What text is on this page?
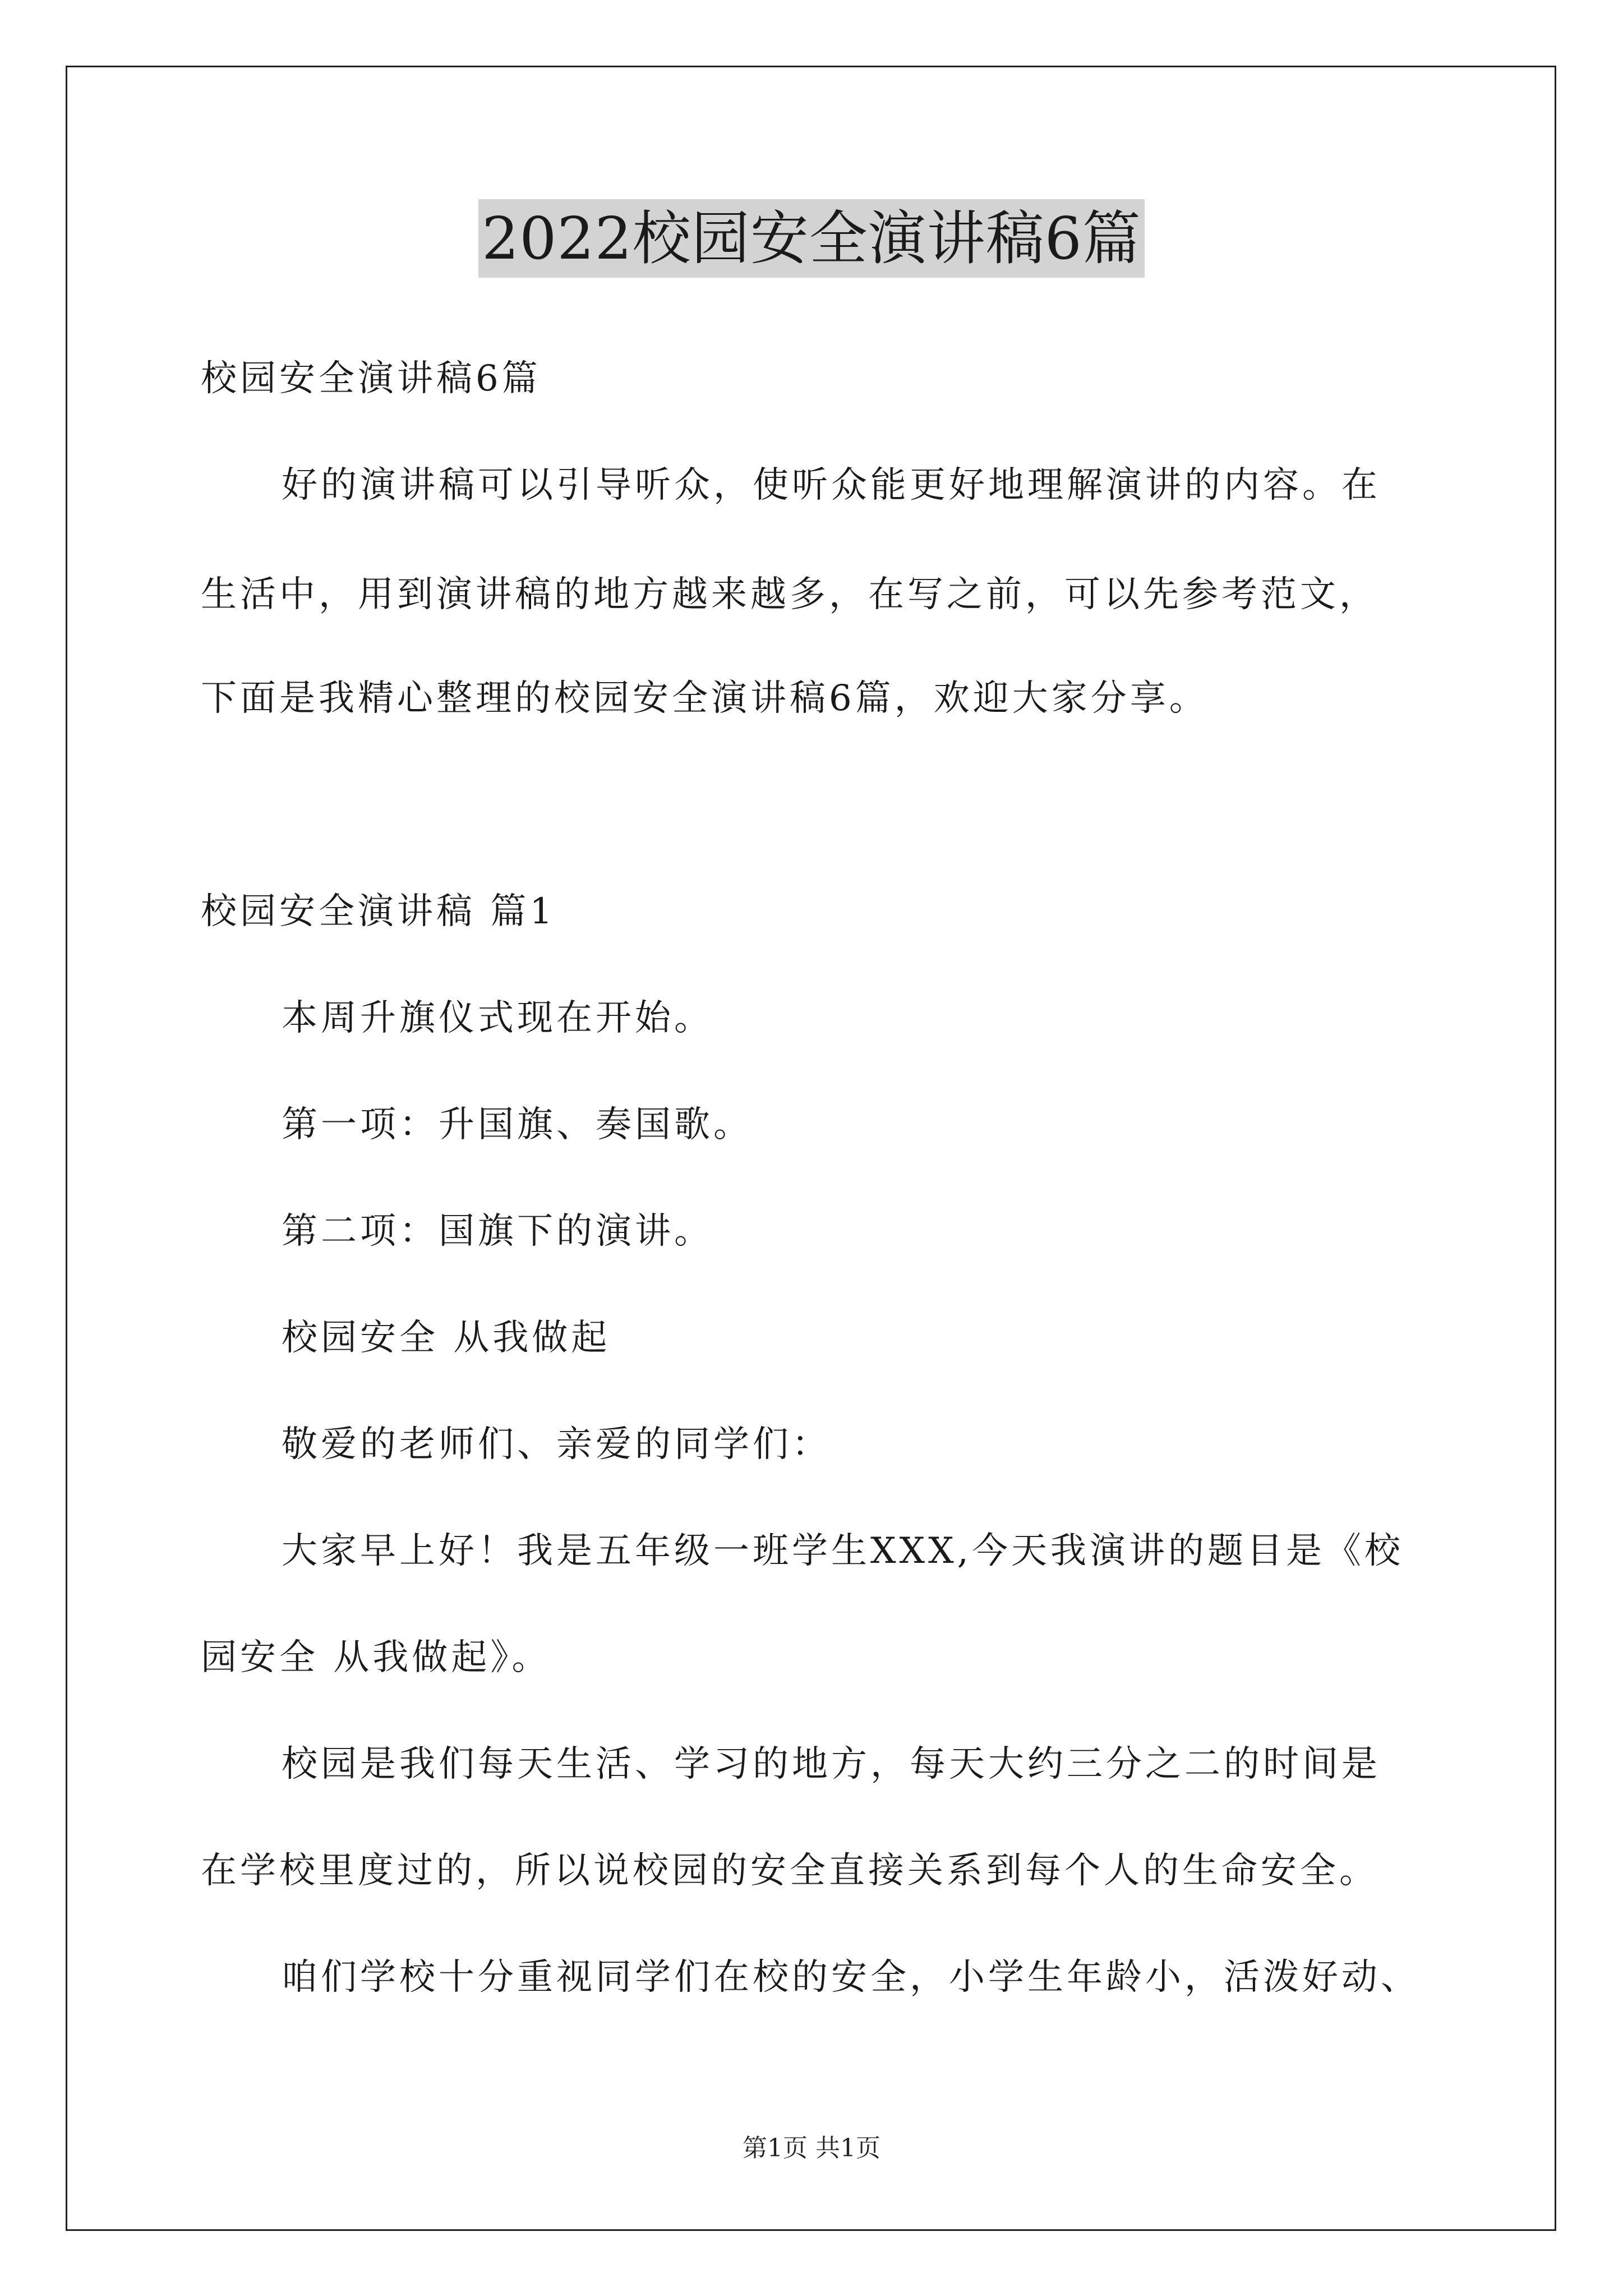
2022校园安全演讲稿6篇
校园安全演讲稿6篇
好的演讲稿可以引导听众，使听众能更好地理解演讲的内容。在
生活中，用到演讲稿的地方越来越多，在写之前，可以先参考范文，
下面是我精心整理的校园安全演讲稿6篇，欢迎大家分享。
校园安全演讲稿 篇1
本周升旗仪式现在开始。
第一项：升国旗、奏国歌。
第二项：国旗下的演讲。
校园安全 从我做起
敬爱的老师们、亲爱的同学们：
大家早上好！我是五年级一班学生XXX,今天我演讲的题目是《校
园安全 从我做起》。
校园是我们每天生活、学习的地方，每天大约三分之二的时间是
在学校里度过的，所以说校园的安全直接关系到每个人的生命安全。
咱们学校十分重视同学们在校的安全，小学生年龄小，活泼好动、
第1页 共1页
